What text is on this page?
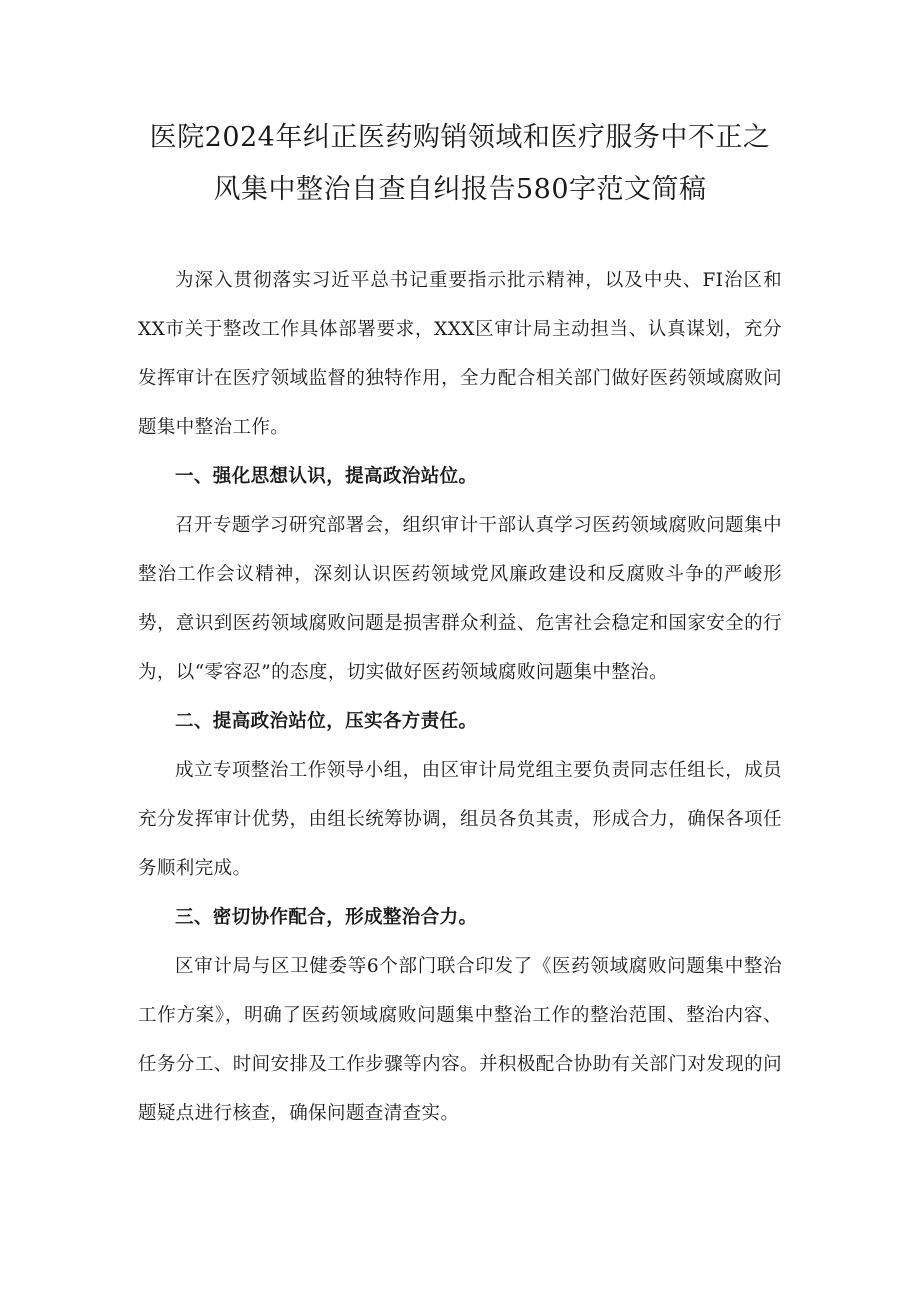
医院2024年纠正医药购销领域和医疗服务中不正之
风集中整治自查自纠报告580字范文简稿

为深入贯彻落实习近平总书记重要指示批示精神，以及中央、FI治区和XX市关于整改工作具体部署要求，XXX区审计局主动担当、认真谋划，充分发挥审计在医疗领域监督的独特作用，全力配合相关部门做好医药领域腐败问题集中整治工作。

一、强化思想认识，提高政治站位。

召开专题学习研究部署会，组织审计干部认真学习医药领域腐败问题集中整治工作会议精神，深刻认识医药领域党风廉政建设和反腐败斗争的严峻形势，意识到医药领域腐败问题是损害群众利益、危害社会稳定和国家安全的行为，以“零容忍”的态度，切实做好医药领域腐败问题集中整治。

二、提高政治站位，压实各方责任。

成立专项整治工作领导小组，由区审计局党组主要负责同志任组长，成员充分发挥审计优势，由组长统筹协调，组员各负其责，形成合力，确保各项任务顺利完成。

三、密切协作配合，形成整治合力。

区审计局与区卫健委等6个部门联合印发了《医药领域腐败问题集中整治工作方案》，明确了医药领域腐败问题集中整治工作的整治范围、整治内容、任务分工、时间安排及工作步骤等内容。并积极配合协助有关部门对发现的问题疑点进行核查，确保问题查清查实。
